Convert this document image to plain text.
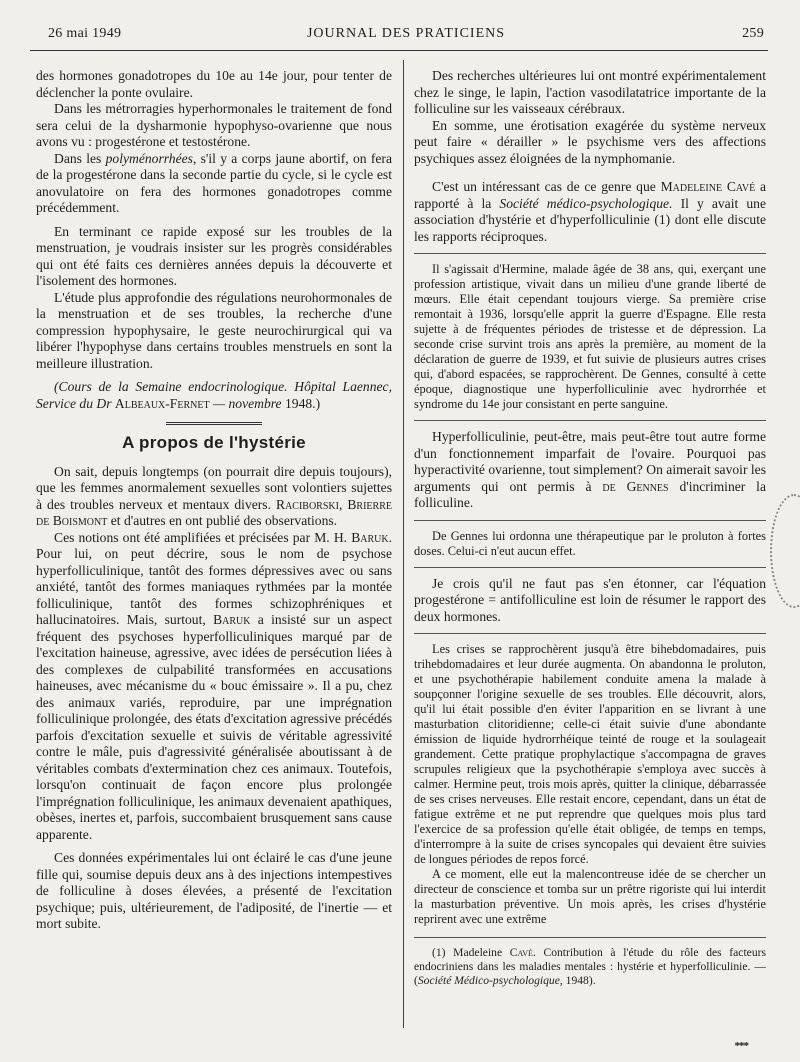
26 mai 1949	JOURNAL DES PRATICIENS	259

des hormones gonadotropes du 10e au 14e jour, pour tenter de déclencher la ponte ovulaire.

Dans les métrorragies hyperhormonales le traitement de fond sera celui de la dysharmonie hypophyso-ovarienne que nous avons vu : progestérone et testostérone.

Dans les polyménorrhées, s'il y a corps jaune abortif, on fera de la progestérone dans la seconde partie du cycle, si le cycle est anovulatoire on fera des hormones gonadotropes comme précédemment.

En terminant ce rapide exposé sur les troubles de la menstruation, je voudrais insister sur les progrès considérables qui ont été faits ces dernières années depuis la découverte et l'isolement des hormones.

L'étude plus approfondie des régulations neurohormonales de la menstruation et de ses troubles, la recherche d'une compression hypophysaire, le geste neurochirurgical qui va libérer l'hypophyse dans certains troubles menstruels en sont la meilleure illustration.

(Cours de la Semaine endocrinologique. Hôpital Laennec, Service du Dr Albeaux-Fernet — novembre 1948.)

A propos de l'hystérie

On sait, depuis longtemps (on pourrait dire depuis toujours), que les femmes anormalement sexuelles sont volontiers sujettes à des troubles nerveux et mentaux divers. Raciborski, Brierre de Boismont et d'autres en ont publié des observations.

Ces notions ont été amplifiées et précisées par M. H. Baruk. Pour lui, on peut décrire, sous le nom de psychose hyperfolliculinique, tantôt des formes dépressives avec ou sans anxiété, tantôt des formes maniaques rythmées par la montée folliculinique, tantôt des formes schizophréniques et hallucinatoires. Mais, surtout, Baruk a insisté sur un aspect fréquent des psychoses hyperfolliculiniques marqué par de l'excitation haineuse, agressive, avec idées de persécution liées à des complexes de culpabilité transformées en accusations haineuses, avec mécanisme du « bouc émissaire ». Il a pu, chez des animaux variés, reproduire, par une imprégnation folliculinique prolongée, des états d'excitation agressive précédés parfois d'excitation sexuelle et suivis de véritable agressivité contre le mâle, puis d'agressivité généralisée aboutissant à de véritables combats d'extermination chez ces animaux. Toutefois, lorsqu'on continuait de façon encore plus prolongée l'imprégnation folliculinique, les animaux devenaient apathiques, obèses, inertes et, parfois, succombaient brusquement sans cause apparente.

Ces données expérimentales lui ont éclairé le cas d'une jeune fille qui, soumise depuis deux ans à des injections intempestives de folliculine à doses élevées, a présenté de l'excitation psychique; puis, ultérieurement, de l'adiposité, de l'inertie — et mort subite.

Des recherches ultérieures lui ont montré expérimentalement chez le singe, le lapin, l'action vasodilatatrice importante de la folliculine sur les vaisseaux cérébraux.

En somme, une érotisation exagérée du système nerveux peut faire « dérailler » le psychisme vers des affections psychiques assez éloignées de la nymphomanie.

C'est un intéressant cas de ce genre que Madeleine Cavé a rapporté à la Société médico-psychologique. Il y avait une association d'hystérie et d'hyperfolliculinie (1) dont elle discute les rapports réciproques.

Il s'agissait d'Hermine, malade âgée de 38 ans, qui, exerçant une profession artistique, vivait dans un milieu d'une grande liberté de mœurs. Elle était cependant toujours vierge. Sa première crise remontait à 1936, lorsqu'elle apprit la guerre d'Espagne. Elle resta sujette à de fréquentes périodes de tristesse et de dépression. La seconde crise survint trois ans après la première, au moment de la déclaration de guerre de 1939, et fut suivie de plusieurs autres crises qui, d'abord espacées, se rapprochèrent. De Gennes, consulté à cette époque, diagnostique une hyperfolliculinie avec hydrorrhée et syndrome du 14e jour consistant en perte sanguine.

Hyperfolliculinie, peut-être, mais peut-être tout autre forme d'un fonctionnement imparfait de l'ovaire. Pourquoi pas hyperactivité ovarienne, tout simplement? On aimerait savoir les arguments qui ont permis à de Gennes d'incriminer la folliculine.

De Gennes lui ordonna une thérapeutique par le proluton à fortes doses. Celui-ci n'eut aucun effet.

Je crois qu'il ne faut pas s'en étonner, car l'équation progestérone = antifolliculine est loin de résumer le rapport des deux hormones.

Les crises se rapprochèrent jusqu'à être bihebdomadaires, puis trihebdomadaires et leur durée augmenta. On abandonna le proluton, et une psychothérapie habilement conduite amena la malade à soupçonner l'origine sexuelle de ses troubles. Elle découvrit, alors, qu'il lui était possible d'en éviter l'apparition en se livrant à une masturbation clitoridienne; celle-ci était suivie d'une abondante émission de liquide hydrorrhéique teinté de rouge et la soulageait grandement. Cette pratique prophylactique s'accompagna de graves scrupules religieux que la psychothérapie s'employa avec succès à calmer. Hermine peut, trois mois après, quitter la clinique, débarrassée de ses crises nerveuses. Elle restait encore, cependant, dans un état de fatigue extrême et ne put reprendre que quelques mois plus tard l'exercice de sa profession qu'elle était obligée, de temps en temps, d'interrompre à la suite de crises syncopales qui devaient être suivies de longues périodes de repos forcé.

A ce moment, elle eut la malencontreuse idée de se chercher un directeur de conscience et tomba sur un prêtre rigoriste qui lui interdit la masturbation préventive. Un mois après, les crises d'hystérie reprirent avec une extrême

(1) Madeleine Cavé. Contribution à l'étude du rôle des facteurs endocriniens dans les maladies mentales : hystérie et hyperfolliculinie. — (Société Médico-psychologique, 1948).

***
